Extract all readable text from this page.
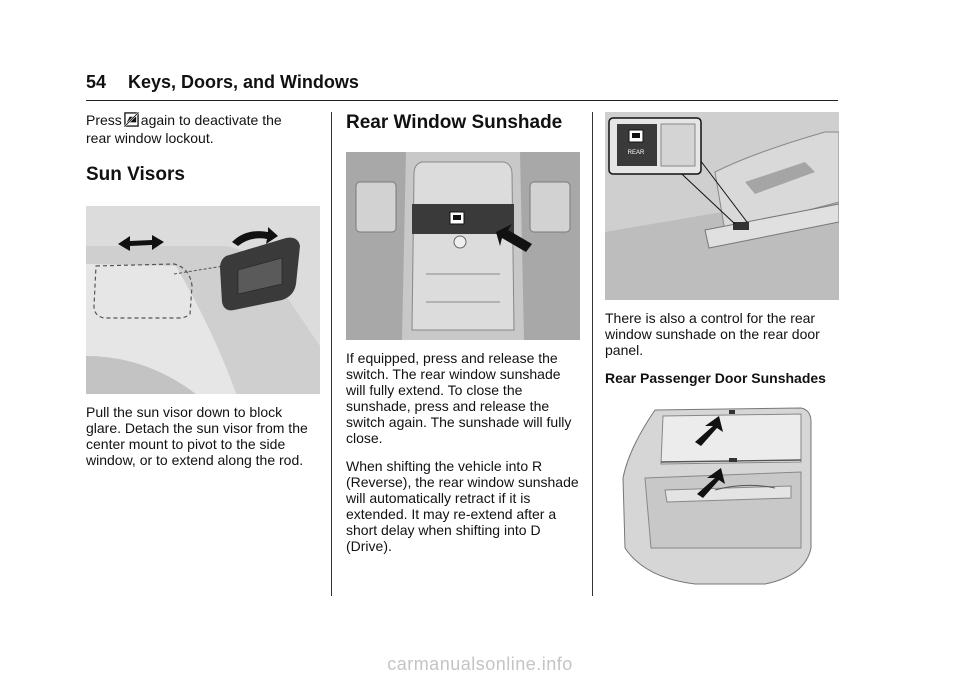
54 Keys, Doors, and Windows

Press again to deactivate the

rear window lockout.

Sun Visors

Pull the sun visor down to block glare. Detach the sun visor from the center mount to pivot to the side window, or to extend along the rod.

Rear Window Sunshade

If equipped, press and release the switch. The rear window sunshade will fully extend. To close the sunshade, press and release the switch again. The sunshade will fully close.

When shifting the vehicle into R (Reverse), the rear window sunshade will automatically retract if it is extended. It may re-extend after a short delay when shifting into D (Drive).

REAR

There is also a control for the rear window sunshade on the rear door panel.

Rear Passenger Door Sunshades
carmanualsonline.info
